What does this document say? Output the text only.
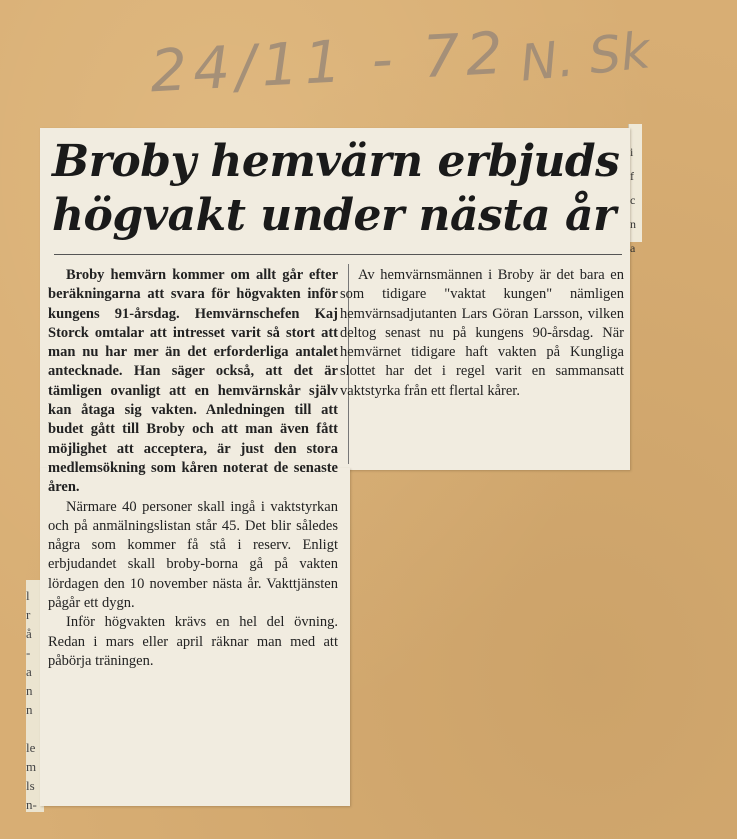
24/11 - 72 N. Sk
l
r
å
-
a
n
n

le
m
ls
n-
i
f
c
n
a
Broby hemvärn erbjuds
högvakt under nästa år

Broby hemvärn kommer om allt går efter beräkningarna att svara för högvakten inför kungens 91-årsdag. Hemvärnschefen Kaj Storck omtalar att intresset varit så stort att man nu har mer än det erforderliga antalet antecknade. Han säger också, att det är tämligen ovanligt att en hemvärnskår själv kan åtaga sig vakten. Anledningen till att budet gått till Broby och att man även fått möjlighet att acceptera, är just den stora medlemsökning som kåren noterat de senaste åren.

Närmare 40 personer skall ingå i vaktstyrkan och på anmälningslistan står 45. Det blir således några som kommer få stå i reserv. Enligt erbjudandet skall broby-borna gå på vakten lördagen den 10 november nästa år. Vakttjänsten pågår ett dygn.

Inför högvakten krävs en hel del övning. Redan i mars eller april räknar man med att påbörja träningen.

Av hemvärnsmännen i Broby är det bara en som tidigare "vaktat kungen" nämligen hemvärnsadjutanten Lars Göran Larsson, vilken deltog senast nu på kungens 90-årsdag. När hemvärnet tidigare haft vakten på Kungliga slottet har det i regel varit en sammansatt vaktstyrka från ett flertal kårer.
